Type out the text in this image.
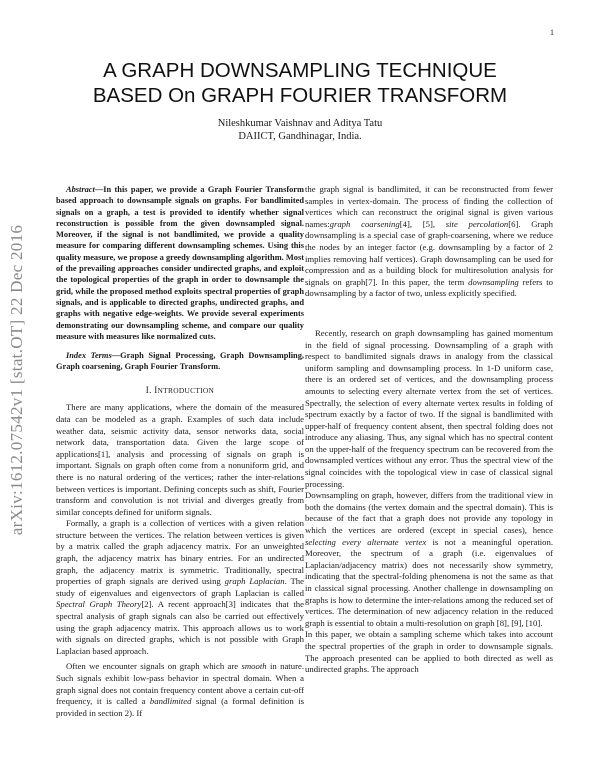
1
arXiv:1612.07542v1 [stat.OT] 22 Dec 2016
A GRAPH DOWNSAMPLING TECHNIQUE
BASED On GRAPH FOURIER TRANSFORM
Nileshkumar Vaishnav and Aditya Tatu
DAIICT, Gandhinagar, India.

Abstract—In this paper, we provide a Graph Fourier Transform based approach to downsample signals on graphs. For bandlimited signals on a graph, a test is provided to identify whether signal reconstruction is possible from the given downsampled signal. Moreover, if the signal is not bandlimited, we provide a quality measure for comparing different downsampling schemes. Using this quality measure, we propose a greedy downsampling algorithm. Most of the prevailing approaches consider undirected graphs, and exploit the topological properties of the graph in order to downsample the grid, while the proposed method exploits spectral properties of graph signals, and is applicable to directed graphs, undirected graphs, and graphs with negative edge-weights. We provide several experiments demonstrating our downsampling scheme, and compare our quality measure with measures like normalized cuts.

Index Terms—Graph Signal Processing, Graph Downsampling, Graph coarsening, Graph Fourier Transform.

I. INTRODUCTION

There are many applications, where the domain of the measured data can be modeled as a graph. Examples of such data include weather data, seismic activity data, sensor networks data, social network data, transportation data. Given the large scope of applications[1], analysis and processing of signals on graph is important. Signals on graph often come from a nonuniform grid, and there is no natural ordering of the vertices; rather the inter-relations between vertices is important. Defining concepts such as shift, Fourier transform and convolution is not trivial and diverges greatly from similar concepts defined for uniform signals.

Formally, a graph is a collection of vertices with a given relation structure between the vertices. The relation between vertices is given by a matrix called the graph adjacency matrix. For an unweighted graph, the adjacency matrix has binary entries. For an undirected graph, the adjacency matrix is symmetric. Traditionally, spectral properties of graph signals are derived using graph Laplacian. The study of eigenvalues and eigenvectors of graph Laplacian is called Spectral Graph Theory[2]. A recent approach[3] indicates that the spectral analysis of graph signals can also be carried out effectively using the graph adjacency matrix. This approach allows us to work with signals on directed graphs, which is not possible with Graph Laplacian based approach.

Often we encounter signals on graph which are smooth in nature. Such signals exhibit low-pass behavior in spectral domain. When a graph signal does not contain frequency content above a certain cut-off frequency, it is called a bandlimited signal (a formal definition is provided in section 2). If

the graph signal is bandlimited, it can be reconstructed from fewer samples in vertex-domain. The process of finding the collection of vertices which can reconstruct the original signal is given various names:graph coarsening[4], [5], site percolation[6]. Graph downsampling is a special case of graph-coarsening, where we reduce the nodes by an integer factor (e.g. downsampling by a factor of 2 implies removing half vertices). Graph downsampling can be used for compression and as a building block for multiresolution analysis for signals on graph[7]. In this paper, the term downsampling refers to downsampling by a factor of two, unless explicitly specified.

Recently, research on graph downsampling has gained momentum in the field of signal processing. Downsampling of a graph with respect to bandlimited signals draws in analogy from the classical uniform sampling and downsampling process. In 1-D uniform case, there is an ordered set of vertices, and the downsampling process amounts to selecting every alternate vertex from the set of vertices. Spectrally, the selection of every alternate vertex results in folding of spectrum exactly by a factor of two. If the signal is bandlimited with upper-half of frequency content absent, then spectral folding does not introduce any aliasing. Thus, any signal which has no spectral content on the upper-half of the frequency spectrum can be recovered from the downsampled vertices without any error. Thus the spectral view of the signal coincides with the topological view in case of classical signal processing.

Downsampling on graph, however, differs from the traditional view in both the domains (the vertex domain and the spectral domain). This is because of the fact that a graph does not provide any topology in which the vertices are ordered (except in special cases), hence selecting every alternate vertex is not a meaningful operation. Moreover, the spectrum of a graph (i.e. eigenvalues of Laplacian/adjacency matrix) does not necessarily show symmetry, indicating that the spectral-folding phenomena is not the same as that in classical signal processing. Another challenge in downsampling on graphs is how to determine the inter-relations among the reduced set of vertices. The determination of new adjacency relation in the reduced graph is essential to obtain a multi-resolution on graph [8], [9], [10].

In this paper, we obtain a sampling scheme which takes into account the spectral properties of the graph in order to downsample signals. The approach presented can be applied to both directed as well as undirected graphs. The approach
